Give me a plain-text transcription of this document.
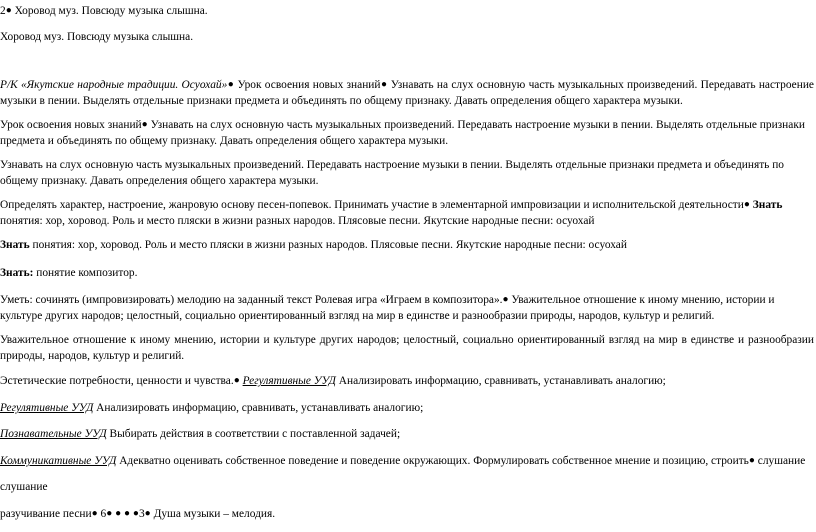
2● Хоровод муз. Повсюду музыка слышна.

Хоровод муз. Повсюду музыка слышна.

Р/К «Якутские народные традиции. Осуохай»● Урок освоения новых знаний● Узнавать на слух основную часть музыкальных произведений. Передавать настроение музыки в пении. Выделять отдельные признаки предмета и объединять по общему признаку. Давать определения общего характера музыки.

Урок освоения новых знаний● Узнавать на слух основную часть музыкальных произведений. Передавать настроение музыки в пении. Выделять отдельные признаки предмета и объединять по общему признаку. Давать определения общего характера музыки.

Узнавать на слух основную часть музыкальных произведений. Передавать настроение музыки в пении. Выделять отдельные признаки предмета и объединять по общему признаку. Давать определения общего характера музыки.

Определять характер, настроение, жанровую основу песен-попевок. Принимать участие в элементарной импровизации и исполнительской деятельности● Знать понятия: хор, хоровод. Роль и место пляски в жизни разных народов. Плясовые песни. Якутские народные песни: осуохай

Знать понятия: хор, хоровод. Роль и место пляски в жизни разных народов. Плясовые песни. Якутские народные песни: осуохай

Знать: понятие композитор.

Уметь: сочинять (импровизировать) мелодию на заданный текст Ролевая игра «Играем в композитора».● Уважительное отношение к иному мнению, истории и культуре других народов; целостный, социально ориентированный взгляд на мир в единстве и разнообразии природы, народов, культур и религий.

Уважительное отношение к иному мнению, истории и культуре других народов; целостный, социально ориентированный взгляд на мир в единстве и разнообразии природы, народов, культур и религий.

Эстетические потребности, ценности и чувства.● Регулятивные УУД Анализировать информацию, сравнивать, устанавливать аналогию;

Регулятивные УУД Анализировать информацию, сравнивать, устанавливать аналогию;

Познавательные УУД Выбирать действия в соответствии с поставленной задачей;

Коммуникативные УУД Адекватно оценивать собственное поведение и поведение окружающих. Формулировать собственное мнение и позицию, строить● слушание

слушание

разучивание песни● 6● ● ● ●3● Душа музыки – мелодия.
